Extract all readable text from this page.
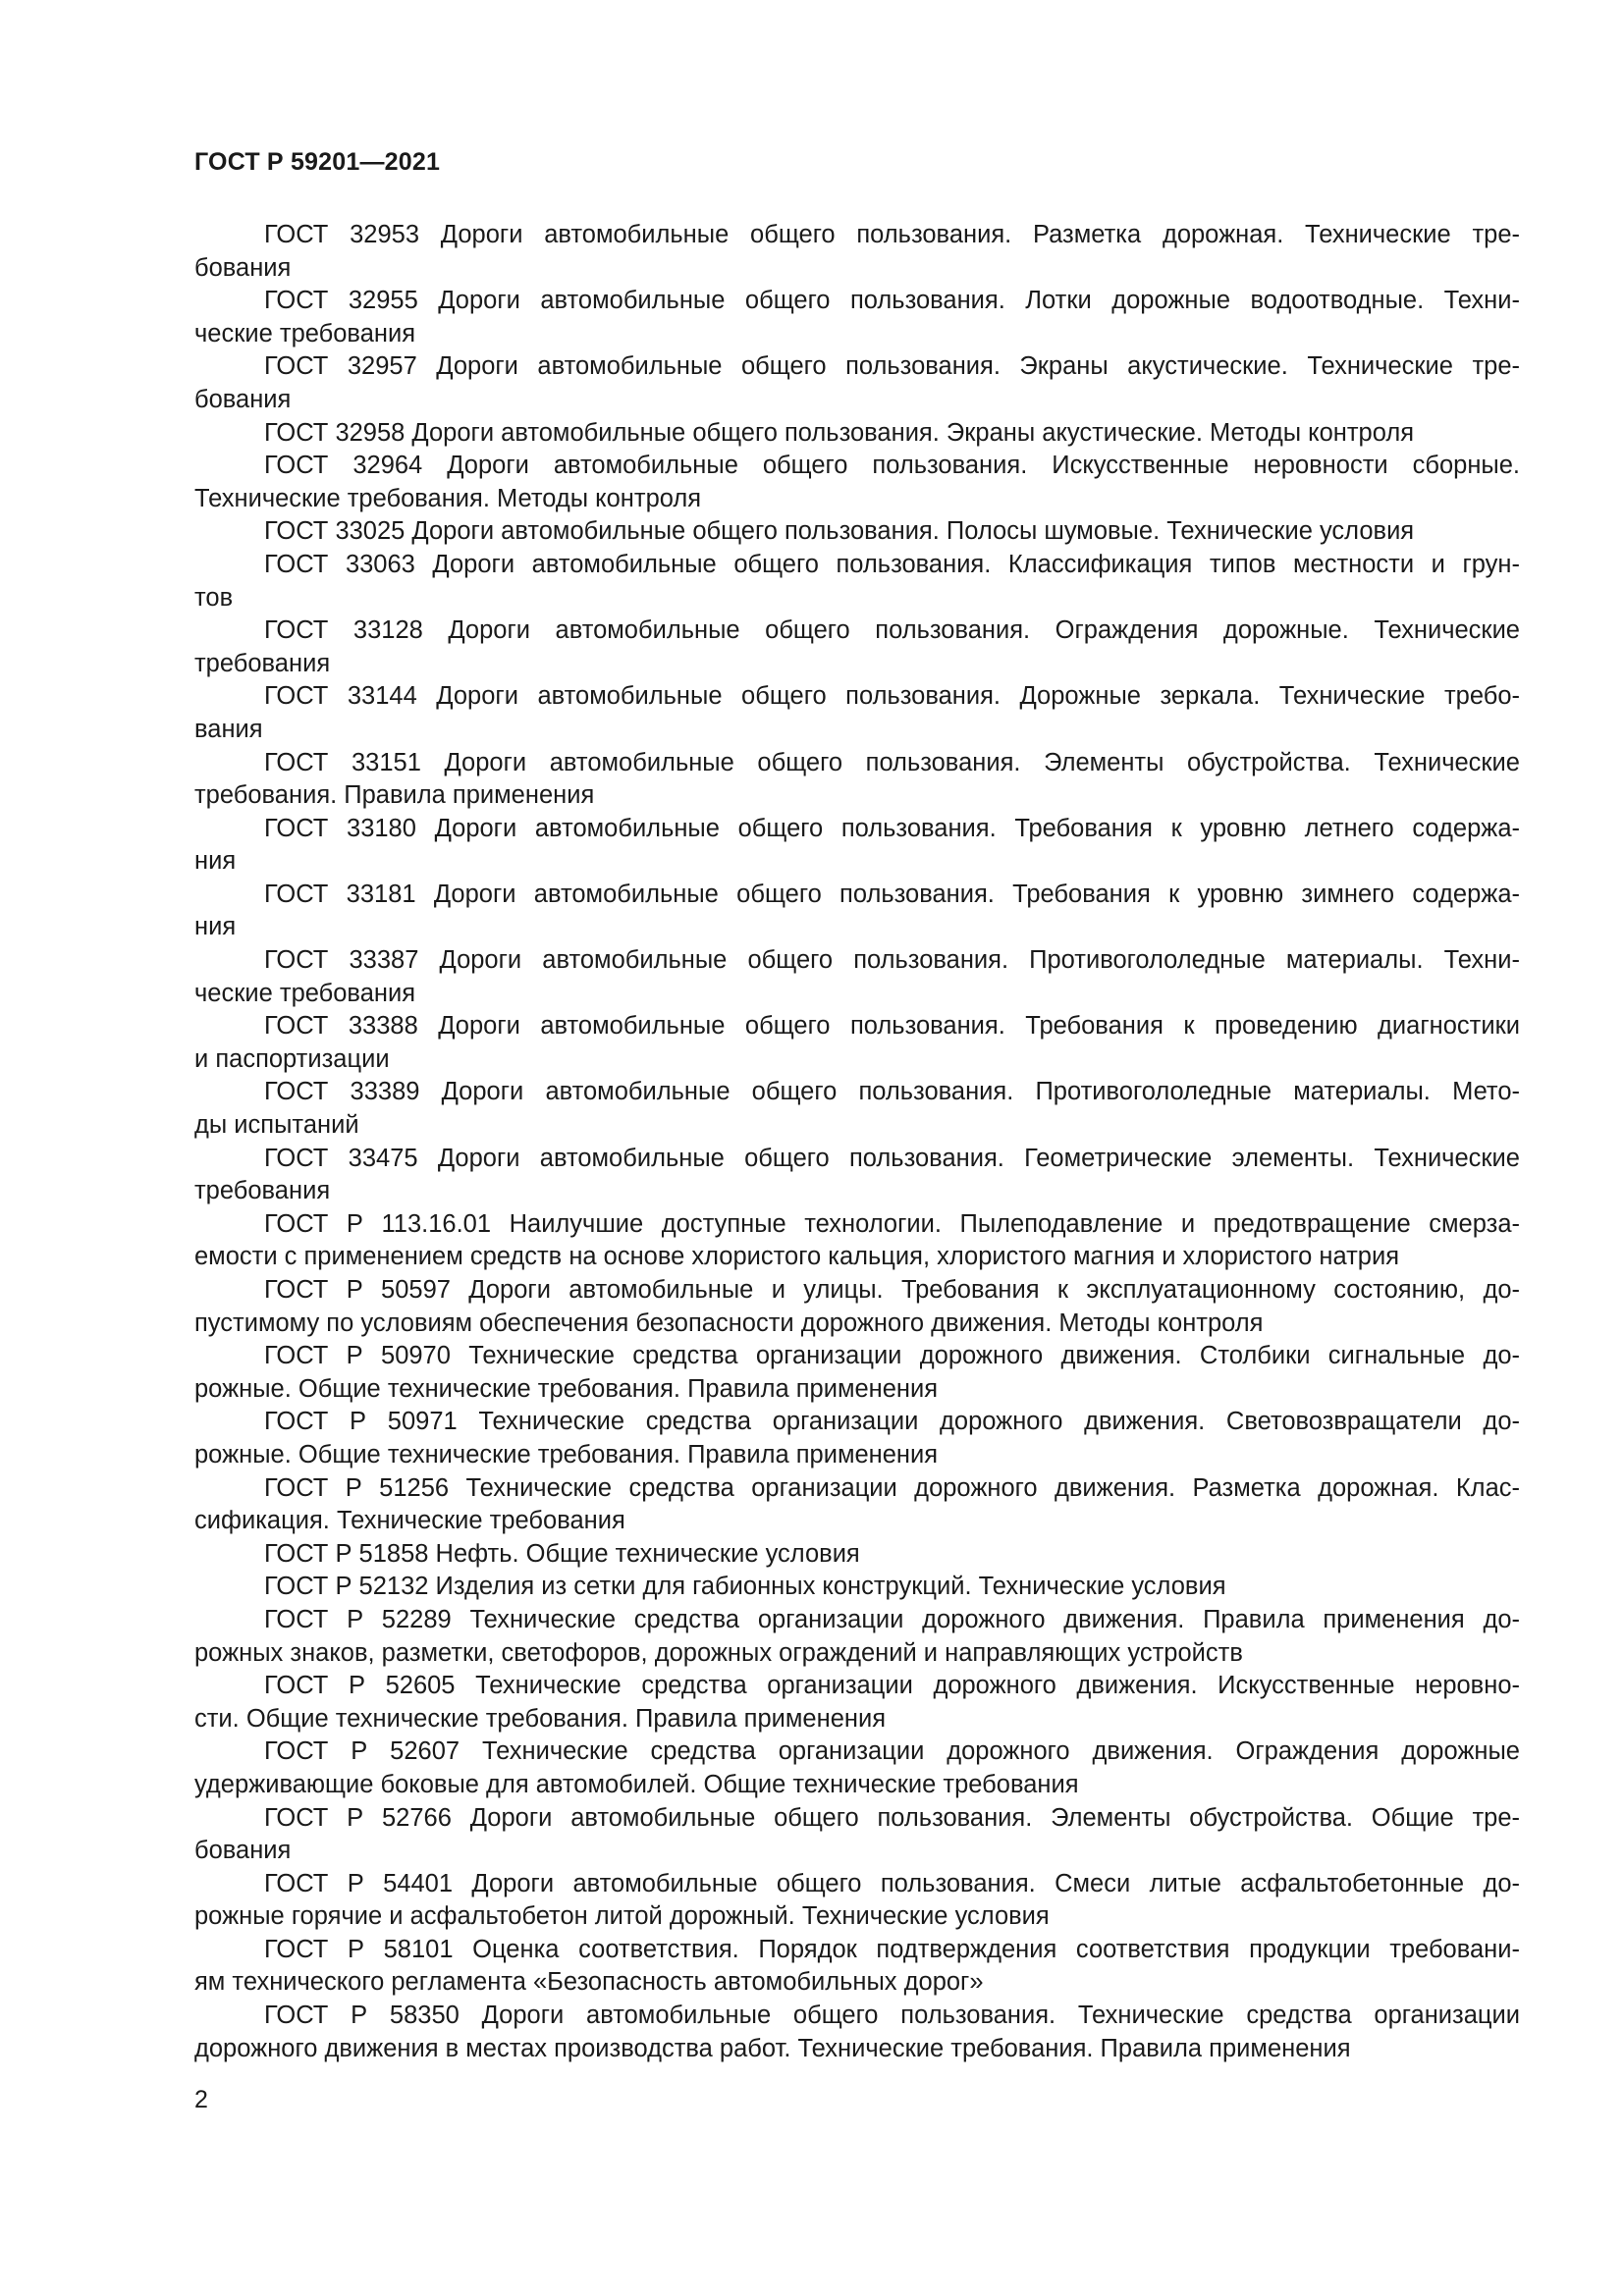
ГОСТ Р 59201—2021
ГОСТ 32953 Дороги автомобильные общего пользования. Разметка дорожная. Технические тре-
бования
ГОСТ 32955 Дороги автомобильные общего пользования. Лотки дорожные водоотводные. Техни-
ческие требования
ГОСТ 32957 Дороги автомобильные общего пользования. Экраны акустические. Технические тре-
бования
ГОСТ 32958 Дороги автомобильные общего пользования. Экраны акустические. Методы контроля
ГОСТ 32964 Дороги автомобильные общего пользования. Искусственные неровности сборные.
Технические требования. Методы контроля
ГОСТ 33025 Дороги автомобильные общего пользования. Полосы шумовые. Технические условия
ГОСТ 33063 Дороги автомобильные общего пользования. Классификация типов местности и грун-
тов
ГОСТ 33128 Дороги автомобильные общего пользования. Ограждения дорожные. Технические
требования
ГОСТ 33144 Дороги автомобильные общего пользования. Дорожные зеркала. Технические требо-
вания
ГОСТ 33151 Дороги автомобильные общего пользования. Элементы обустройства. Технические
требования. Правила применения
ГОСТ 33180 Дороги автомобильные общего пользования. Требования к уровню летнего содержа-
ния
ГОСТ 33181 Дороги автомобильные общего пользования. Требования к уровню зимнего содержа-
ния
ГОСТ 33387 Дороги автомобильные общего пользования. Противогололедные материалы. Техни-
ческие требования
ГОСТ 33388 Дороги автомобильные общего пользования. Требования к проведению диагностики
и паспортизации
ГОСТ 33389 Дороги автомобильные общего пользования. Противогололедные материалы. Мето-
ды испытаний
ГОСТ 33475 Дороги автомобильные общего пользования. Геометрические элементы. Технические
требования
ГОСТ Р 113.16.01 Наилучшие доступные технологии. Пылеподавление и предотвращение смерза-
емости с применением средств на основе хлористого кальция, хлористого магния и хлористого натрия
ГОСТ Р 50597 Дороги автомобильные и улицы. Требования к эксплуатационному состоянию, до-
пустимому по условиям обеспечения безопасности дорожного движения. Методы контроля
ГОСТ Р 50970 Технические средства организации дорожного движения. Столбики сигнальные до-
рожные. Общие технические требования. Правила применения
ГОСТ Р 50971 Технические средства организации дорожного движения. Световозвращатели до-
рожные. Общие технические требования. Правила применения
ГОСТ Р 51256 Технические средства организации дорожного движения. Разметка дорожная. Клас-
сификация. Технические требования
ГОСТ Р 51858 Нефть. Общие технические условия
ГОСТ Р 52132 Изделия из сетки для габионных конструкций. Технические условия
ГОСТ Р 52289 Технические средства организации дорожного движения. Правила применения до-
рожных знаков, разметки, светофоров, дорожных ограждений и направляющих устройств
ГОСТ Р 52605 Технические средства организации дорожного движения. Искусственные неровно-
сти. Общие технические требования. Правила применения
ГОСТ Р 52607 Технические средства организации дорожного движения. Ограждения дорожные
удерживающие боковые для автомобилей. Общие технические требования
ГОСТ Р 52766 Дороги автомобильные общего пользования. Элементы обустройства. Общие тре-
бования
ГОСТ Р 54401 Дороги автомобильные общего пользования. Смеси литые асфальтобетонные до-
рожные горячие и асфальтобетон литой дорожный. Технические условия
ГОСТ Р 58101 Оценка соответствия. Порядок подтверждения соответствия продукции требовани-
ям технического регламента «Безопасность автомобильных дорог»
ГОСТ Р 58350 Дороги автомобильные общего пользования. Технические средства организации
дорожного движения в местах производства работ. Технические требования. Правила применения
2
